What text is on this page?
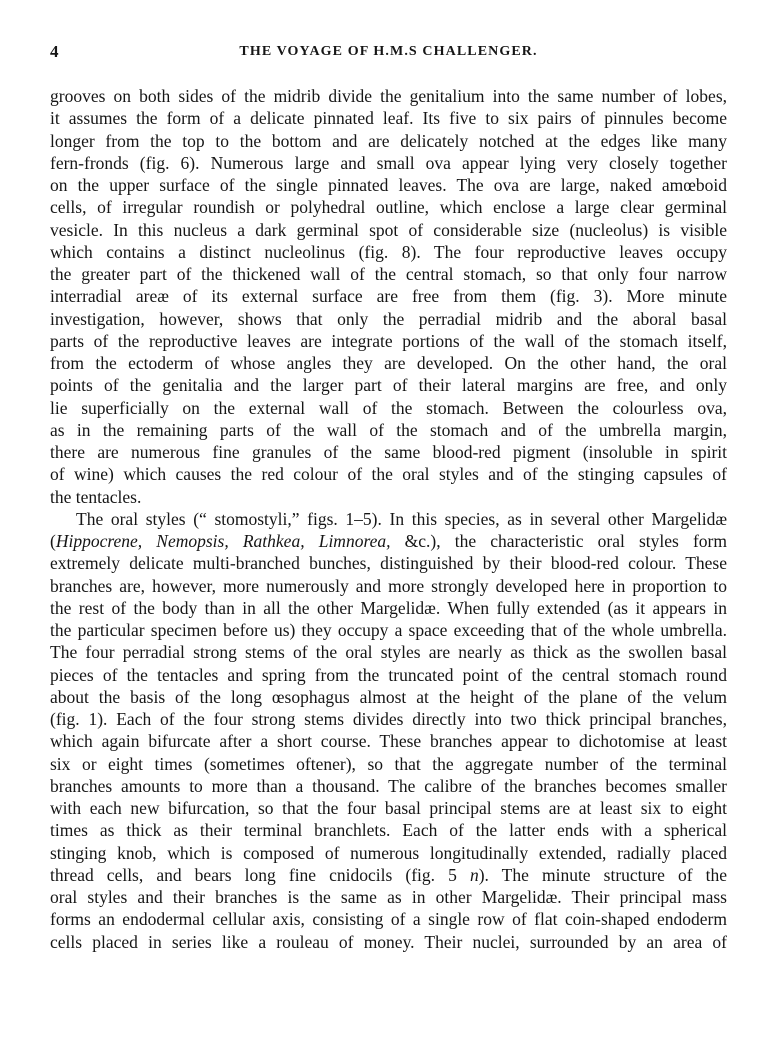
4	THE VOYAGE OF H.M.S CHALLENGER.
grooves on both sides of the midrib divide the genitalium into the same number of lobes,
it assumes the form of a delicate pinnated leaf. Its five to six pairs of pinnules become
longer from the top to the bottom and are delicately notched at the edges like many
fern-fronds (fig. 6). Numerous large and small ova appear lying very closely together
on the upper surface of the single pinnated leaves. The ova are large, naked amœboid
cells, of irregular roundish or polyhedral outline, which enclose a large clear germinal
vesicle. In this nucleus a dark germinal spot of considerable size (nucleolus) is visible
which contains a distinct nucleolinus (fig. 8). The four reproductive leaves occupy
the greater part of the thickened wall of the central stomach, so that only four narrow
interradial areæ of its external surface are free from them (fig. 3). More minute
investigation, however, shows that only the perradial midrib and the aboral basal
parts of the reproductive leaves are integrate portions of the wall of the stomach itself,
from the ectoderm of whose angles they are developed. On the other hand, the oral
points of the genitalia and the larger part of their lateral margins are free, and only
lie superficially on the external wall of the stomach. Between the colourless ova,
as in the remaining parts of the wall of the stomach and of the umbrella margin,
there are numerous fine granules of the same blood-red pigment (insoluble in spirit
of wine) which causes the red colour of the oral styles and of the stinging capsules of
the tentacles.
The oral styles (“ stomostyli,” figs. 1–5). In this species, as in several other Margelidæ
(Hippocrene, Nemopsis, Rathkea, Limnorea, &c.), the characteristic oral styles form
extremely delicate multi-branched bunches, distinguished by their blood-red colour. These
branches are, however, more numerously and more strongly developed here in proportion to
the rest of the body than in all the other Margelidæ. When fully extended (as it appears in
the particular specimen before us) they occupy a space exceeding that of the whole umbrella.
The four perradial strong stems of the oral styles are nearly as thick as the swollen basal
pieces of the tentacles and spring from the truncated point of the central stomach round
about the basis of the long œsophagus almost at the height of the plane of the velum
(fig. 1). Each of the four strong stems divides directly into two thick principal branches,
which again bifurcate after a short course. These branches appear to dichotomise at least
six or eight times (sometimes oftener), so that the aggregate number of the terminal
branches amounts to more than a thousand. The calibre of the branches becomes smaller
with each new bifurcation, so that the four basal principal stems are at least six to eight
times as thick as their terminal branchlets. Each of the latter ends with a spherical
stinging knob, which is composed of numerous longitudinally extended, radially placed
thread cells, and bears long fine cnidocils (fig. 5 n). The minute structure of the
oral styles and their branches is the same as in other Margelidæ. Their principal mass
forms an endodermal cellular axis, consisting of a single row of flat coin-shaped endoderm
cells placed in series like a rouleau of money. Their nuclei, surrounded by an area of
